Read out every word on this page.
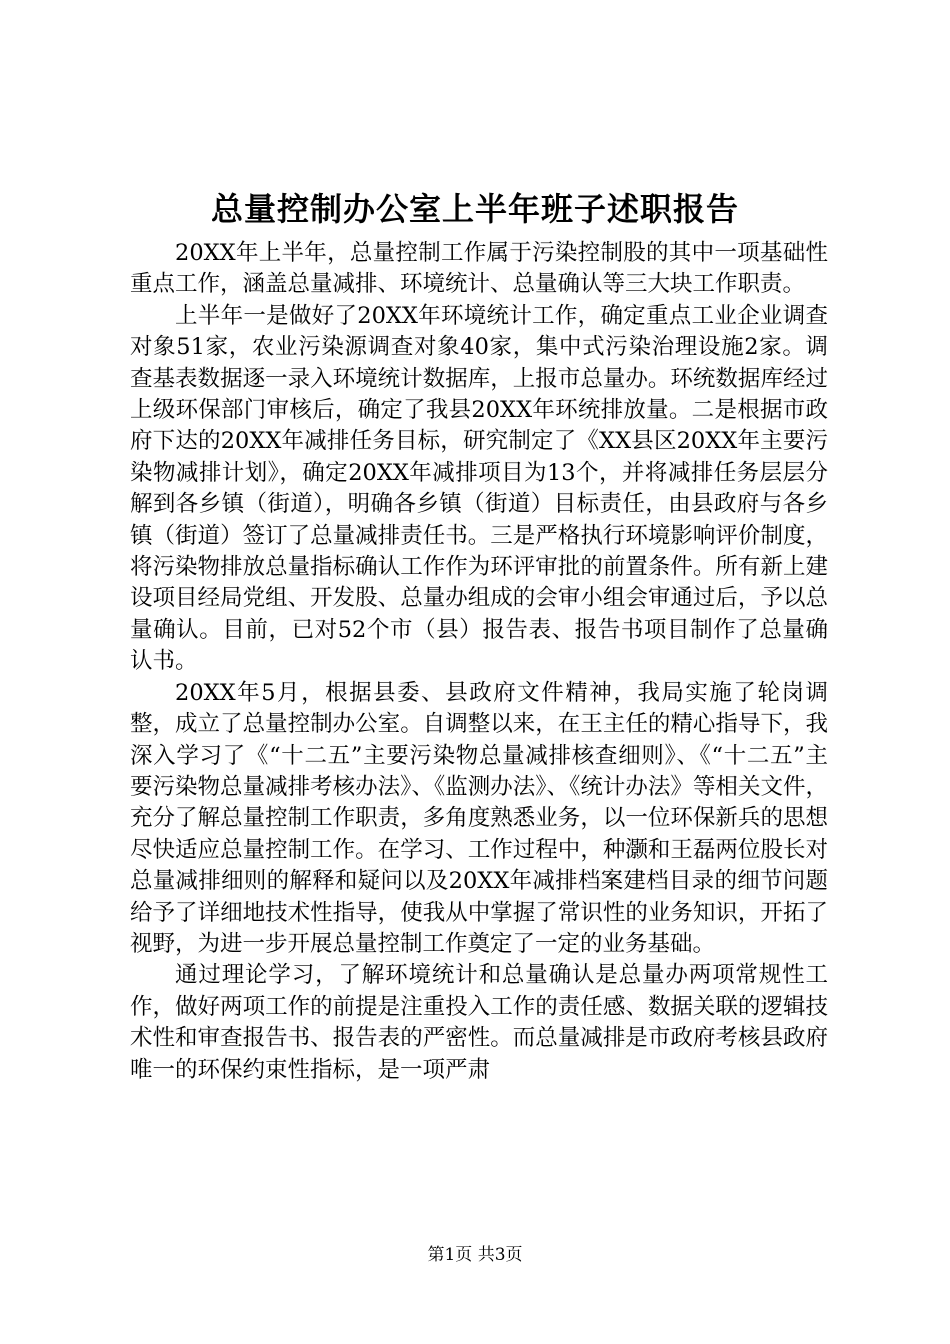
总量控制办公室上半年班子述职报告

20XX年上半年，总量控制工作属于污染控制股的其中一项基础性重点工作，涵盖总量减排、环境统计、总量确认等三大块工作职责。

上半年一是做好了20XX年环境统计工作，确定重点工业企业调查对象51家，农业污染源调查对象40家，集中式污染治理设施2家。调查基表数据逐一录入环境统计数据库，上报市总量办。环统数据库经过上级环保部门审核后，确定了我县20XX年环统排放量。二是根据市政府下达的20XX年减排任务目标，研究制定了《XX县区20XX年主要污染物减排计划》，确定20XX年减排项目为13个，并将减排任务层层分解到各乡镇（街道），明确各乡镇（街道）目标责任，由县政府与各乡镇（街道）签订了总量减排责任书。三是严格执行环境影响评价制度，将污染物排放总量指标确认工作作为环评审批的前置条件。所有新上建设项目经局党组、开发股、总量办组成的会审小组会审通过后，予以总量确认。目前，已对52个市（县）报告表、报告书项目制作了总量确认书。

20XX年5月，根据县委、县政府文件精神，我局实施了轮岗调整，成立了总量控制办公室。自调整以来，在王主任的精心指导下，我深入学习了《“十二五”主要污染物总量减排核查细则》、《“十二五”主要污染物总量减排考核办法》、《监测办法》、《统计办法》等相关文件，充分了解总量控制工作职责，多角度熟悉业务，以一位环保新兵的思想尽快适应总量控制工作。在学习、工作过程中，种灏和王磊两位股长对总量减排细则的解释和疑问以及20XX年减排档案建档目录的细节问题给予了详细地技术性指导，使我从中掌握了常识性的业务知识，开拓了视野，为进一步开展总量控制工作奠定了一定的业务基础。

通过理论学习，了解环境统计和总量确认是总量办两项常规性工作，做好两项工作的前提是注重投入工作的责任感、数据关联的逻辑技术性和审查报告书、报告表的严密性。而总量减排是市政府考核县政府唯一的环保约束性指标，是一项严肃

第1页 共3页
